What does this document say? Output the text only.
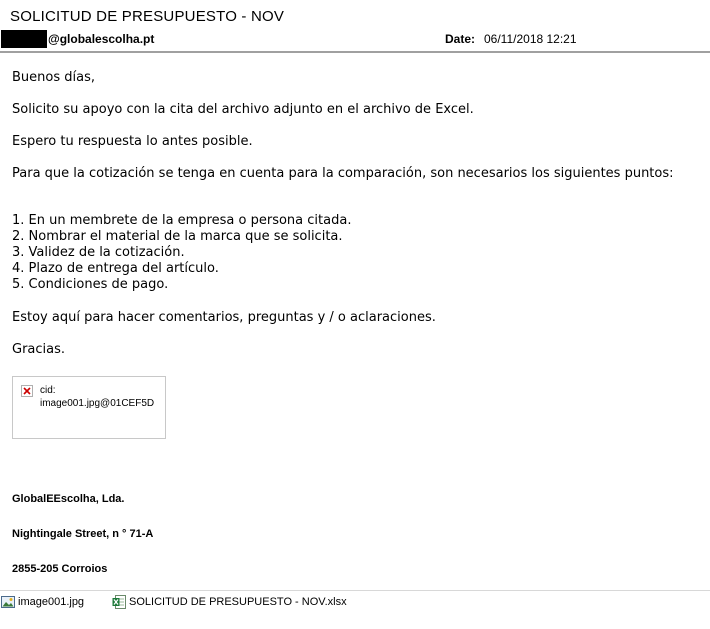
SOLICITUD DE PRESUPUESTO - NOV
@globalescolha.pt	Date: 06/11/2018 12:21
Buenos días,
Solicito su apoyo con la cita del archivo adjunto en el archivo de Excel.
Espero tu respuesta lo antes posible.
Para que la cotización se tenga en cuenta para la comparación, son necesarios los siguientes puntos:
1. En un membrete de la empresa o persona citada.
2. Nombrar el material de la marca que se solicita.
3. Validez de la cotización.
4. Plazo de entrega del artículo.
5. Condiciones de pago.
Estoy aquí para hacer comentarios, preguntas y / o aclaraciones.
Gracias.
cid:
image001.jpg@01CEF5D
GlobalEEscolha, Lda.
Nightingale Street, n ° 71-A
2855-205 Corroios
image001.jpg	SOLICITUD DE PRESUPUESTO - NOV.xlsx
